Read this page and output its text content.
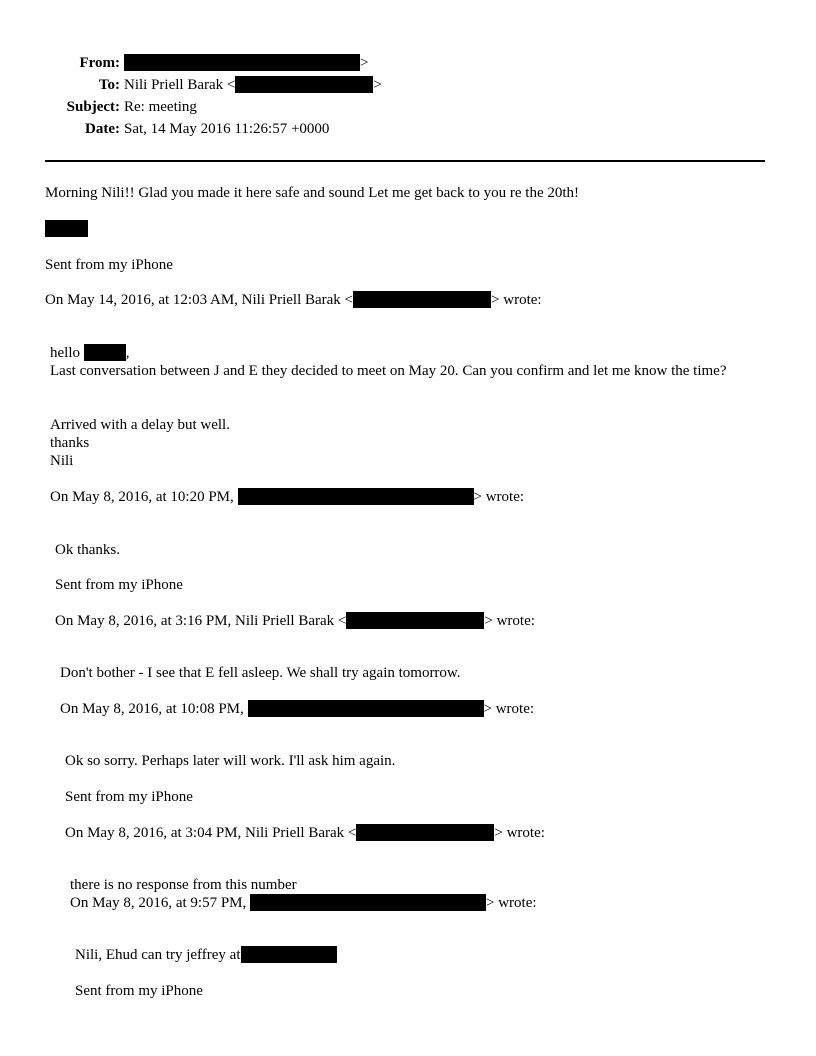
From:	>
To: Nili Priell Barak <	>
Subject: Re: meeting
Date: Sat, 14 May 2016 11:26:57 +0000
Morning Nili!! Glad you made it here safe and sound Let me get back to you re the 20th!
Sent from my iPhone
On May 14, 2016, at 12:03 AM, Nili Priell Barak <	> wrote:
hello	,
Last conversation between J and E they decided to meet on May 20. Can you confirm and let me know the time?
Arrived with a delay but well.
thanks
Nili
On May 8, 2016, at 10:20 PM,	> wrote:
Ok thanks.
Sent from my iPhone
On May 8, 2016, at 3:16 PM, Nili Priell Barak <	> wrote:
Don't bother - I see that E fell asleep. We shall try again tomorrow.
On May 8, 2016, at 10:08 PM,	> wrote:
Ok so sorry. Perhaps later will work. I'll ask him again.
Sent from my iPhone
On May 8, 2016, at 3:04 PM, Nili Priell Barak <	> wrote:
there is no response from this number
On May 8, 2016, at 9:57 PM,	> wrote:
Nili, Ehud can try jeffrey at
Sent from my iPhone
